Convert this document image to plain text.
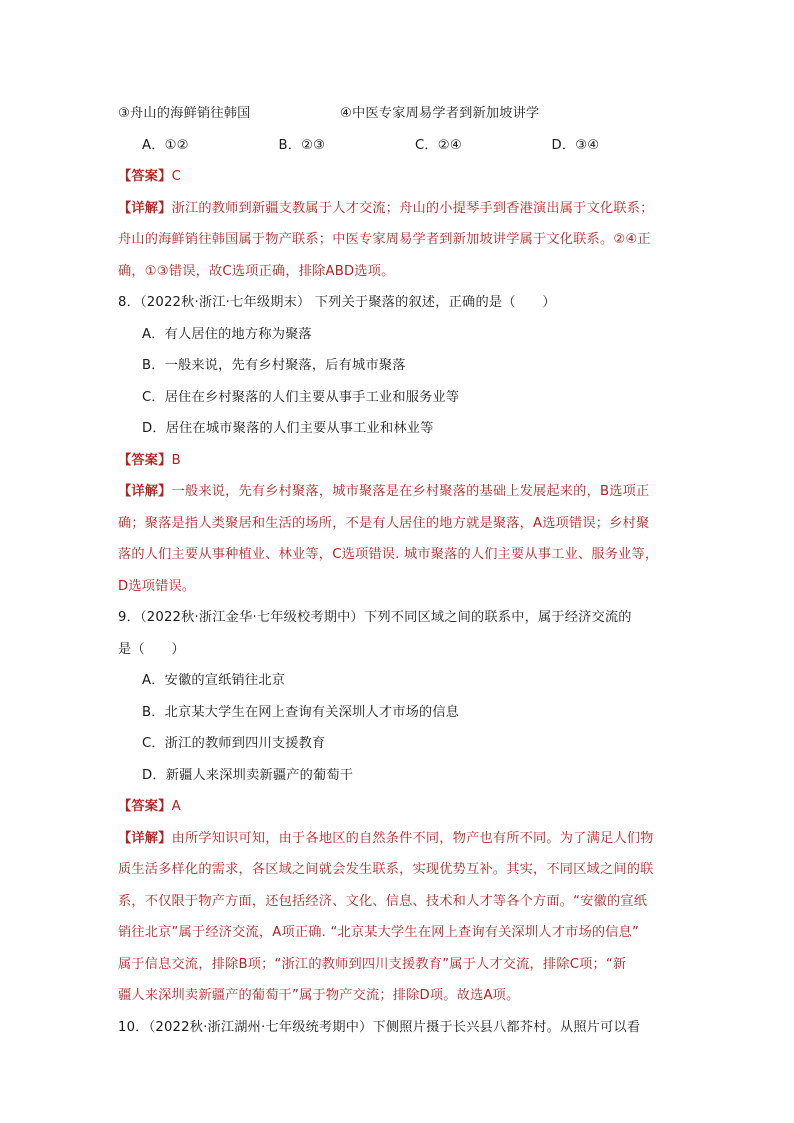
③舟山的海鲜销往韩国	④中医专家周易学者到新加坡讲学
A．①②	B．②③	C．②④	D．③④
【答案】C
【详解】浙江的教师到新疆支教属于人才交流；舟山的小提琴手到香港演出属于文化联系；
舟山的海鲜销往韩国属于物产联系；中医专家周易学者到新加坡讲学属于文化联系。②④正
确，①③错误，故C选项正确，排除ABD选项。
8．（2022秋·浙江·七年级期末） 下列关于聚落的叙述，正确的是（　　）
A．有人居住的地方称为聚落
B．一般来说，先有乡村聚落，后有城市聚落
C．居住在乡村聚落的人们主要从事手工业和服务业等
D．居住在城市聚落的人们主要从事工业和林业等
【答案】B
【详解】一般来说，先有乡村聚落，城市聚落是在乡村聚落的基础上发展起来的，B选项正
确；聚落是指人类聚居和生活的场所，不是有人居住的地方就是聚落，A选项错误；乡村聚
落的人们主要从事种植业、林业等，C选项错误. 城市聚落的人们主要从事工业、服务业等，
D选项错误。
9．（2022秋·浙江金华·七年级校考期中）下列不同区域之间的联系中，属于经济交流的
是（　　）
A．安徽的宣纸销往北京
B．北京某大学生在网上查询有关深圳人才市场的信息
C．浙江的教师到四川支援教育
D．新疆人来深圳卖新疆产的葡萄干
【答案】A
【详解】由所学知识可知，由于各地区的自然条件不同，物产也有所不同。为了满足人们物
质生活多样化的需求，各区域之间就会发生联系，实现优势互补。其实，不同区域之间的联
系，不仅限于物产方面，还包括经济、文化、信息、技术和人才等各个方面。“安徽的宣纸
销往北京”属于经济交流，A项正确. “北京某大学生在网上查询有关深圳人才市场的信息”
属于信息交流，排除B项；“浙江的教师到四川支援教育”属于人才交流，排除C项；“新
疆人来深圳卖新疆产的葡萄干”属于物产交流；排除D项。故选A项。
10．（2022秋·浙江湖州·七年级统考期中）下侧照片摄于长兴县八都芥村。从照片可以看
